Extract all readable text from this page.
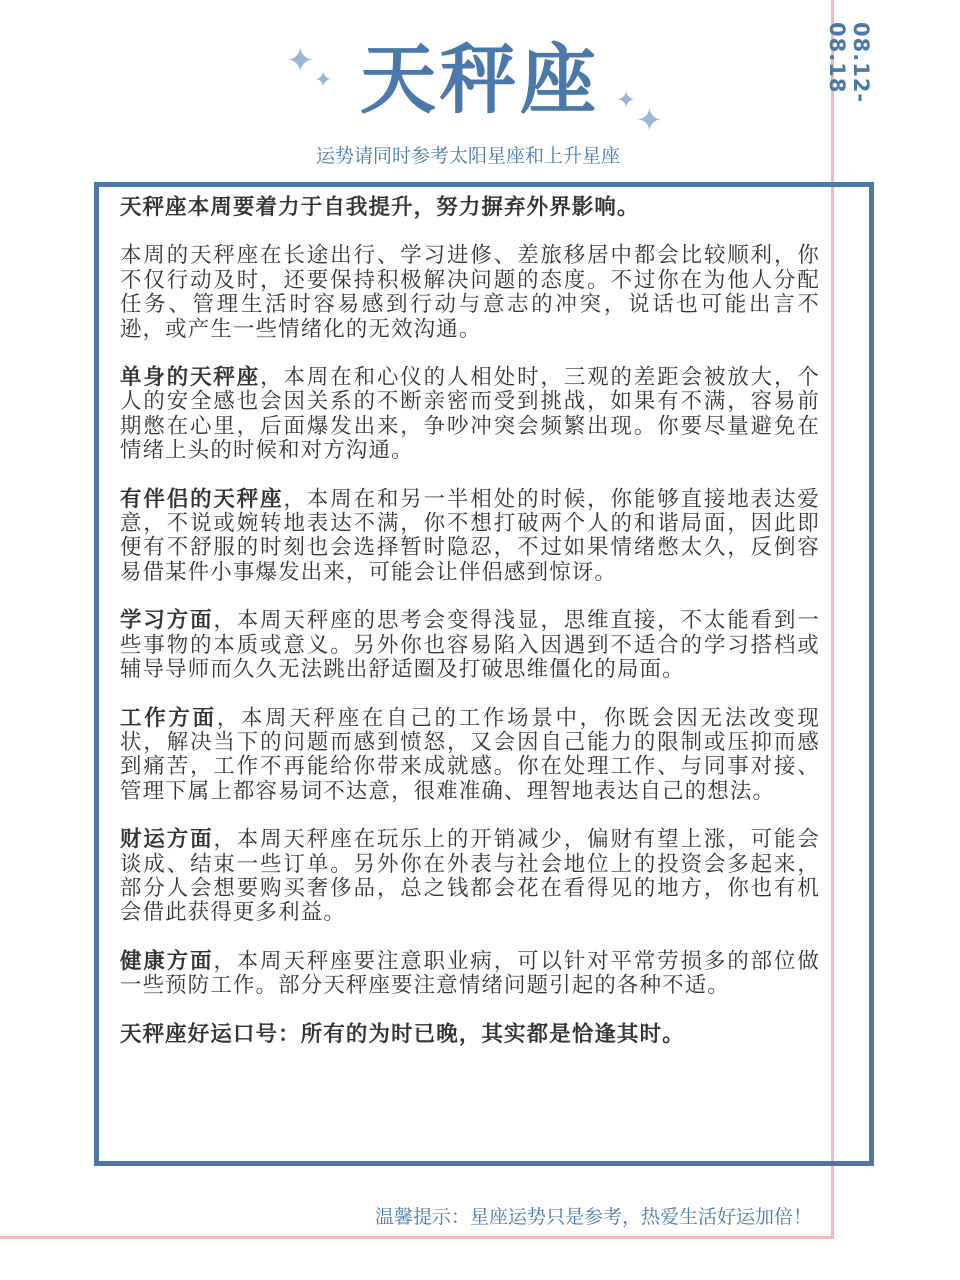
08.12-08.18
✦ ✦
✦
✦
天秤座
运势请同时参考太阳星座和上升星座

天秤座本周要着力于自我提升，努力摒弃外界影响。

本周的天秤座在长途出行、学习进修、差旅移居中都会比较顺利，你不仅行动及时，还要保持积极解决问题的态度。不过你在为他人分配任务、管理生活时容易感到行动与意志的冲突，说话也可能出言不逊，或产生一些情绪化的无效沟通。

单身的天秤座，本周在和心仪的人相处时，三观的差距会被放大，个人的安全感也会因关系的不断亲密而受到挑战，如果有不满，容易前期憋在心里，后面爆发出来，争吵冲突会频繁出现。你要尽量避免在情绪上头的时候和对方沟通。

有伴侣的天秤座，本周在和另一半相处的时候，你能够直接地表达爱意，不说或婉转地表达不满，你不想打破两个人的和谐局面，因此即便有不舒服的时刻也会选择暂时隐忍，不过如果情绪憋太久，反倒容易借某件小事爆发出来，可能会让伴侣感到惊讶。

学习方面，本周天秤座的思考会变得浅显，思维直接，不太能看到一些事物的本质或意义。另外你也容易陷入因遇到不适合的学习搭档或辅导导师而久久无法跳出舒适圈及打破思维僵化的局面。

工作方面，本周天秤座在自己的工作场景中，你既会因无法改变现状，解决当下的问题而感到愤怒，又会因自己能力的限制或压抑而感到痛苦，工作不再能给你带来成就感。你在处理工作、与同事对接、管理下属上都容易词不达意，很难准确、理智地表达自己的想法。

财运方面，本周天秤座在玩乐上的开销减少，偏财有望上涨，可能会谈成、结束一些订单。另外你在外表与社会地位上的投资会多起来，部分人会想要购买奢侈品，总之钱都会花在看得见的地方，你也有机会借此获得更多利益。

健康方面，本周天秤座要注意职业病，可以针对平常劳损多的部位做一些预防工作。部分天秤座要注意情绪问题引起的各种不适。

天秤座好运口号：所有的为时已晚，其实都是恰逢其时。

温馨提示：星座运势只是参考，热爱生活好运加倍！
